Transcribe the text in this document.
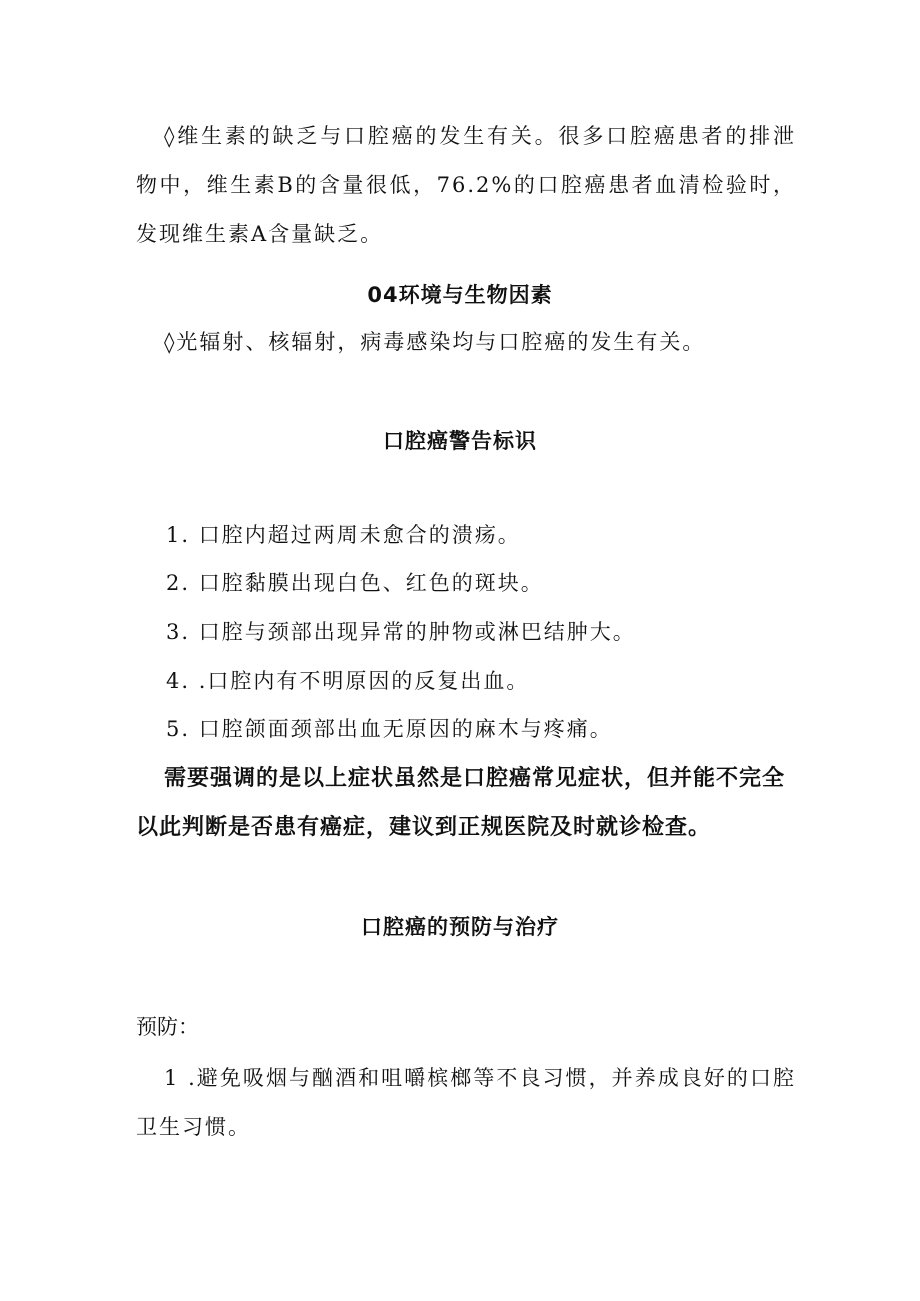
◊维生素的缺乏与口腔癌的发生有关。很多口腔癌患者的排泄物中，维生素B的含量很低，76.2%的口腔癌患者血清检验时，发现维生素A含量缺乏。

04环境与生物因素

◊光辐射、核辐射，病毒感染均与口腔癌的发生有关。

口腔癌警告标识

1. 口腔内超过两周未愈合的溃疡。

2. 口腔黏膜出现白色、红色的斑块。

3. 口腔与颈部出现异常的肿物或淋巴结肿大。

4. .口腔内有不明原因的反复出血。

5. 口腔颌面颈部出血无原因的麻木与疼痛。

需要强调的是以上症状虽然是口腔癌常见症状，但并能不完全以此判断是否患有癌症，建议到正规医院及时就诊检查。

口腔癌的预防与治疗

预防：

1 .避免吸烟与酗酒和咀嚼槟榔等不良习惯，并养成良好的口腔卫生习惯。
